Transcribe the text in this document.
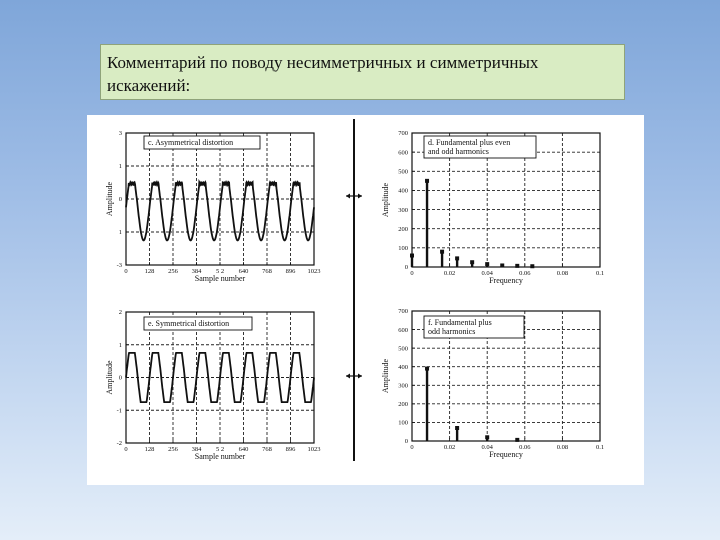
Комментарий по поводу несимметричных и симметричных искажений:
0	128 256 384 5 2 640 768 896 1023
3
1
0
1
-3
Sample number
Amplitude
c. Asymmetrical distortion
0	0.02	0.04	0.06	0.08	0.1
0
100
200
300
400
500
600
700
Frequency
Amplitude
d. Fundamental plus even and odd harmonics
0	128 256 384 5 2 640 768 896 1023
2
1
0
-1
-2
Sample number
Amplitude
e. Symmetrical distortion
0	0.02	0.04	0.06	0.08	0.1
0
100
200
300
400
500
600
700
Frequency
Amplitude
f. Fundamental plus odd harmonics
